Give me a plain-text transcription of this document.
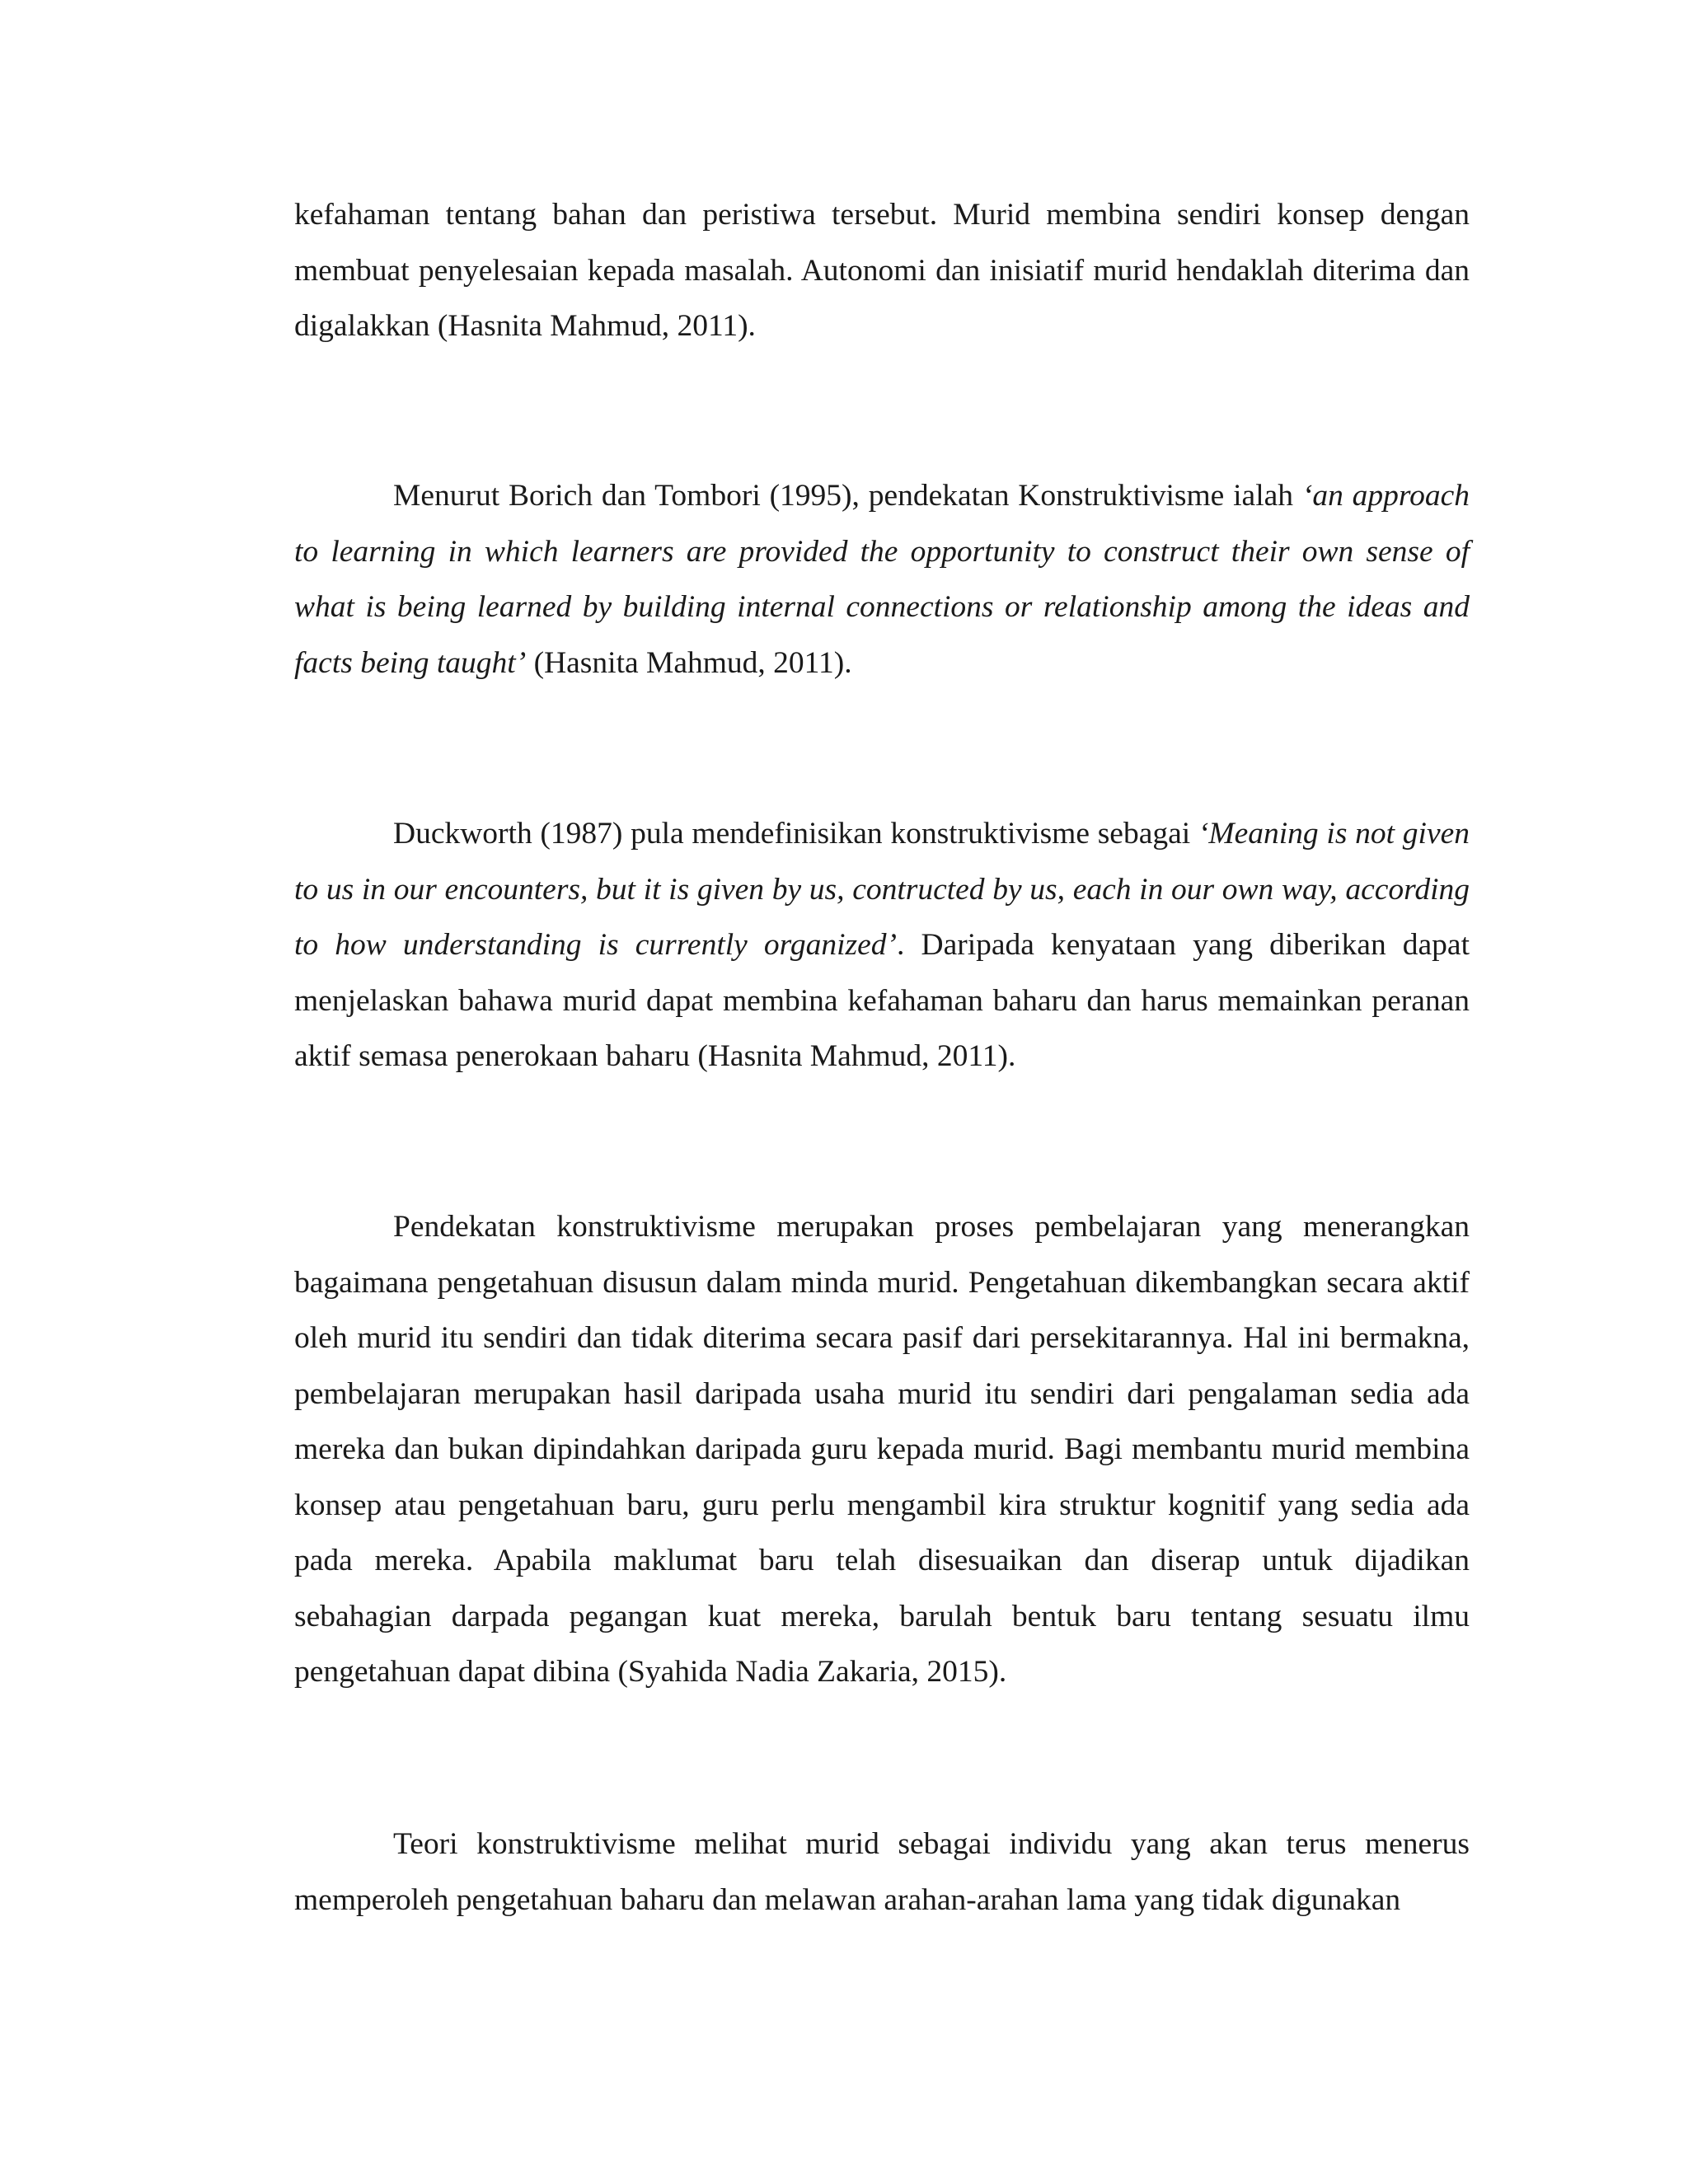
kefahaman tentang bahan dan peristiwa tersebut. Murid membina sendiri konsep dengan membuat penyelesaian kepada masalah. Autonomi dan inisiatif murid hendaklah diterima dan digalakkan (Hasnita Mahmud, 2011).

Menurut Borich dan Tombori (1995), pendekatan Konstruktivisme ialah ‘an approach to learning in which learners are provided the opportunity to construct their own sense of what is being learned by building internal connections or relationship among the ideas and facts being taught’ (Hasnita Mahmud, 2011).

Duckworth (1987) pula mendefinisikan konstruktivisme sebagai ‘Meaning is not given to us in our encounters, but it is given by us, contructed by us, each in our own way, according to how understanding is currently organized’. Daripada kenyataan yang diberikan dapat menjelaskan bahawa murid dapat membina kefahaman baharu dan harus memainkan peranan aktif semasa penerokaan baharu (Hasnita Mahmud, 2011).

Pendekatan konstruktivisme merupakan proses pembelajaran yang menerangkan bagaimana pengetahuan disusun dalam minda murid. Pengetahuan dikembangkan secara aktif oleh murid itu sendiri dan tidak diterima secara pasif dari persekitarannya. Hal ini bermakna, pembelajaran merupakan hasil daripada usaha murid itu sendiri dari pengalaman sedia ada mereka dan bukan dipindahkan daripada guru kepada murid. Bagi membantu murid membina konsep atau pengetahuan baru, guru perlu mengambil kira struktur kognitif yang sedia ada pada mereka. Apabila maklumat baru telah disesuaikan dan diserap untuk dijadikan sebahagian darpada pegangan kuat mereka, barulah bentuk baru tentang sesuatu ilmu pengetahuan dapat dibina (Syahida Nadia Zakaria, 2015).

Teori konstruktivisme melihat murid sebagai individu yang akan terus menerus memperoleh pengetahuan baharu dan melawan arahan-arahan lama yang tidak digunakan
